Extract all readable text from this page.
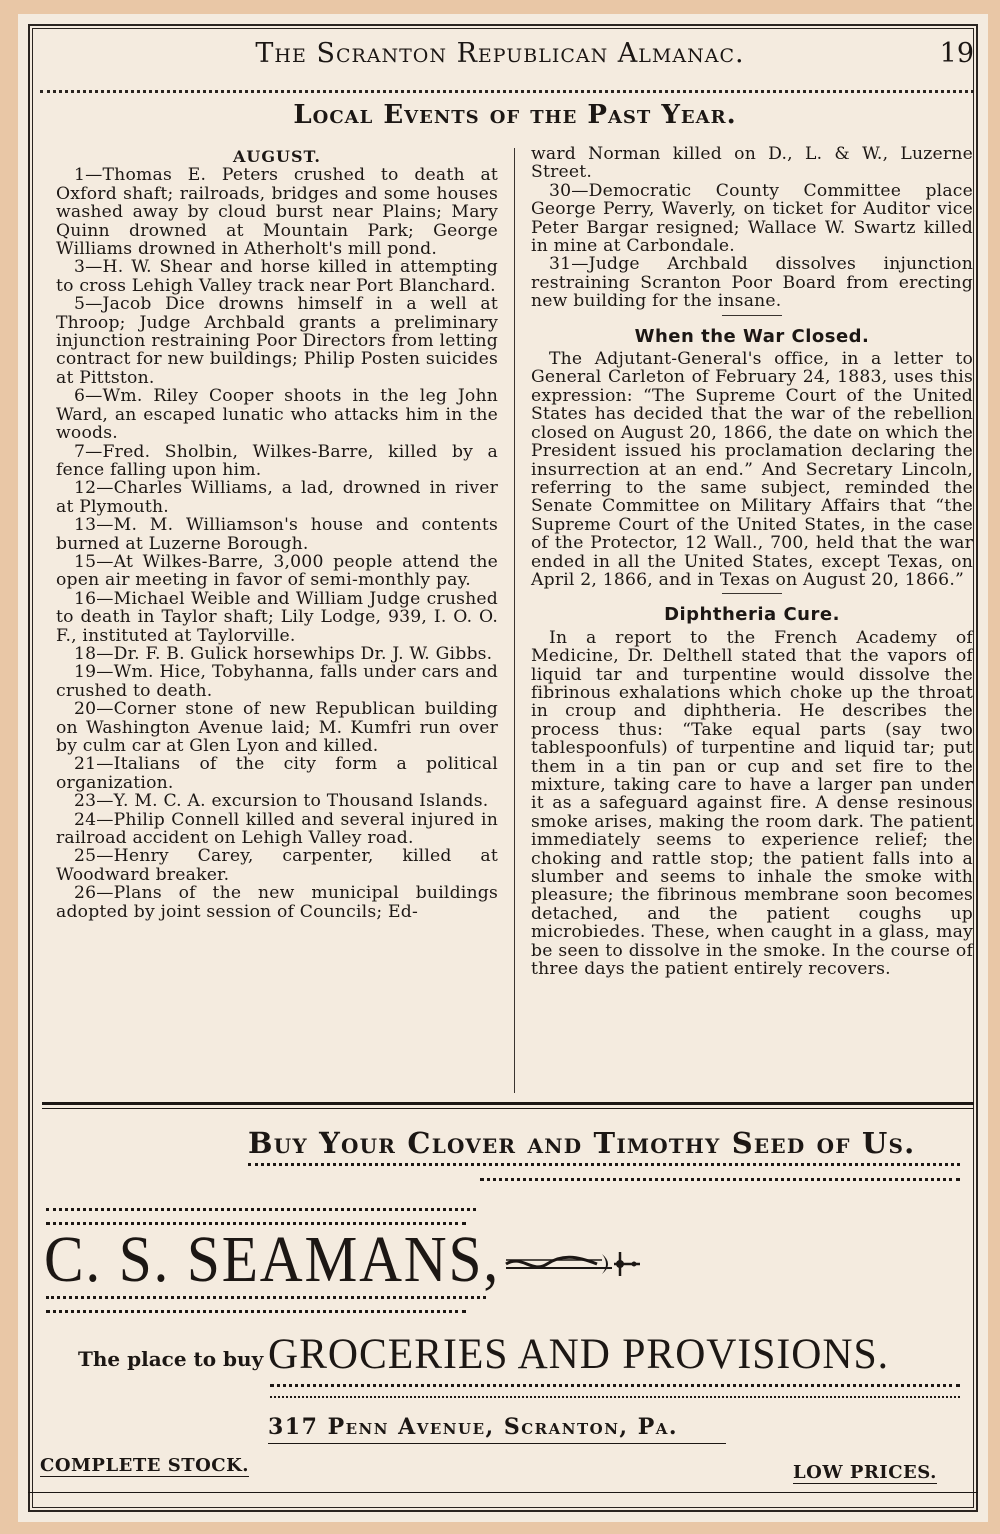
The Scranton Republican Almanac.	19
Local Events of the Past Year.

AUGUST.

1—Thomas E. Peters crushed to death at Oxford shaft; railroads, bridges and some houses washed away by cloud burst near Plains; Mary Quinn drowned at Mountain Park; George Williams drowned in Atherholt's mill pond.

3—H. W. Shear and horse killed in attempting to cross Lehigh Valley track near Port Blanchard.

5—Jacob Dice drowns himself in a well at Throop; Judge Archbald grants a preliminary injunction restraining Poor Directors from letting contract for new buildings; Philip Posten suicides at Pittston.

6—Wm. Riley Cooper shoots in the leg John Ward, an escaped lunatic who attacks him in the woods.

7—Fred. Sholbin, Wilkes-Barre, killed by a fence falling upon him.

12—Charles Williams, a lad, drowned in river at Plymouth.

13—M. M. Williamson's house and contents burned at Luzerne Borough.

15—At Wilkes-Barre, 3,000 people attend the open air meeting in favor of semi-monthly pay.

16—Michael Weible and William Judge crushed to death in Taylor shaft; Lily Lodge, 939, I. O. O. F., instituted at Taylorville.

18—Dr. F. B. Gulick horsewhips Dr. J. W. Gibbs.

19—Wm. Hice, Tobyhanna, falls under cars and crushed to death.

20—Corner stone of new Republican building on Washington Avenue laid; M. Kumfri run over by culm car at Glen Lyon and killed.

21—Italians of the city form a political organization.

23—Y. M. C. A. excursion to Thousand Islands.

24—Philip Connell killed and several injured in railroad accident on Lehigh Valley road.

25—Henry Carey, carpenter, killed at Woodward breaker.

26—Plans of the new municipal buildings adopted by joint session of Councils; Ed-

ward Norman killed on D., L. & W., Luzerne Street.

30—Democratic County Committee place George Perry, Waverly, on ticket for Auditor vice Peter Bargar resigned; Wallace W. Swartz killed in mine at Carbondale.

31—Judge Archbald dissolves injunction restraining Scranton Poor Board from erecting new building for the insane.

When the War Closed.

The Adjutant-General's office, in a letter to General Carleton of February 24, 1883, uses this expression: “The Supreme Court of the United States has decided that the war of the rebellion closed on August 20, 1866, the date on which the President issued his proclamation declaring the insurrection at an end.” And Secretary Lincoln, referring to the same subject, reminded the Senate Committee on Military Affairs that “the Supreme Court of the United States, in the case of the Protector, 12 Wall., 700, held that the war ended in all the United States, except Texas, on April 2, 1866, and in Texas on August 20, 1866.”

Diphtheria Cure.

In a report to the French Academy of Medicine, Dr. Delthell stated that the vapors of liquid tar and turpentine would dissolve the fibrinous exhalations which choke up the throat in croup and diphtheria. He describes the process thus: “Take equal parts (say two tablespoonfuls) of turpentine and liquid tar; put them in a tin pan or cup and set fire to the mixture, taking care to have a larger pan under it as a safeguard against fire. A dense resinous smoke arises, making the room dark. The patient immediately seems to experience relief; the choking and rattle stop; the patient falls into a slumber and seems to inhale the smoke with pleasure; the fibrinous membrane soon becomes detached, and the patient coughs up microbiedes. These, when caught in a glass, may be seen to dissolve in the smoke. In the course of three days the patient entirely recovers.

Buy Your Clover and Timothy Seed of Us.
C. S. SEAMANS,
The place to buy GROCERIES AND PROVISIONS.
317 Penn Avenue, Scranton, Pa.
COMPLETE STOCK.	LOW PRICES.
